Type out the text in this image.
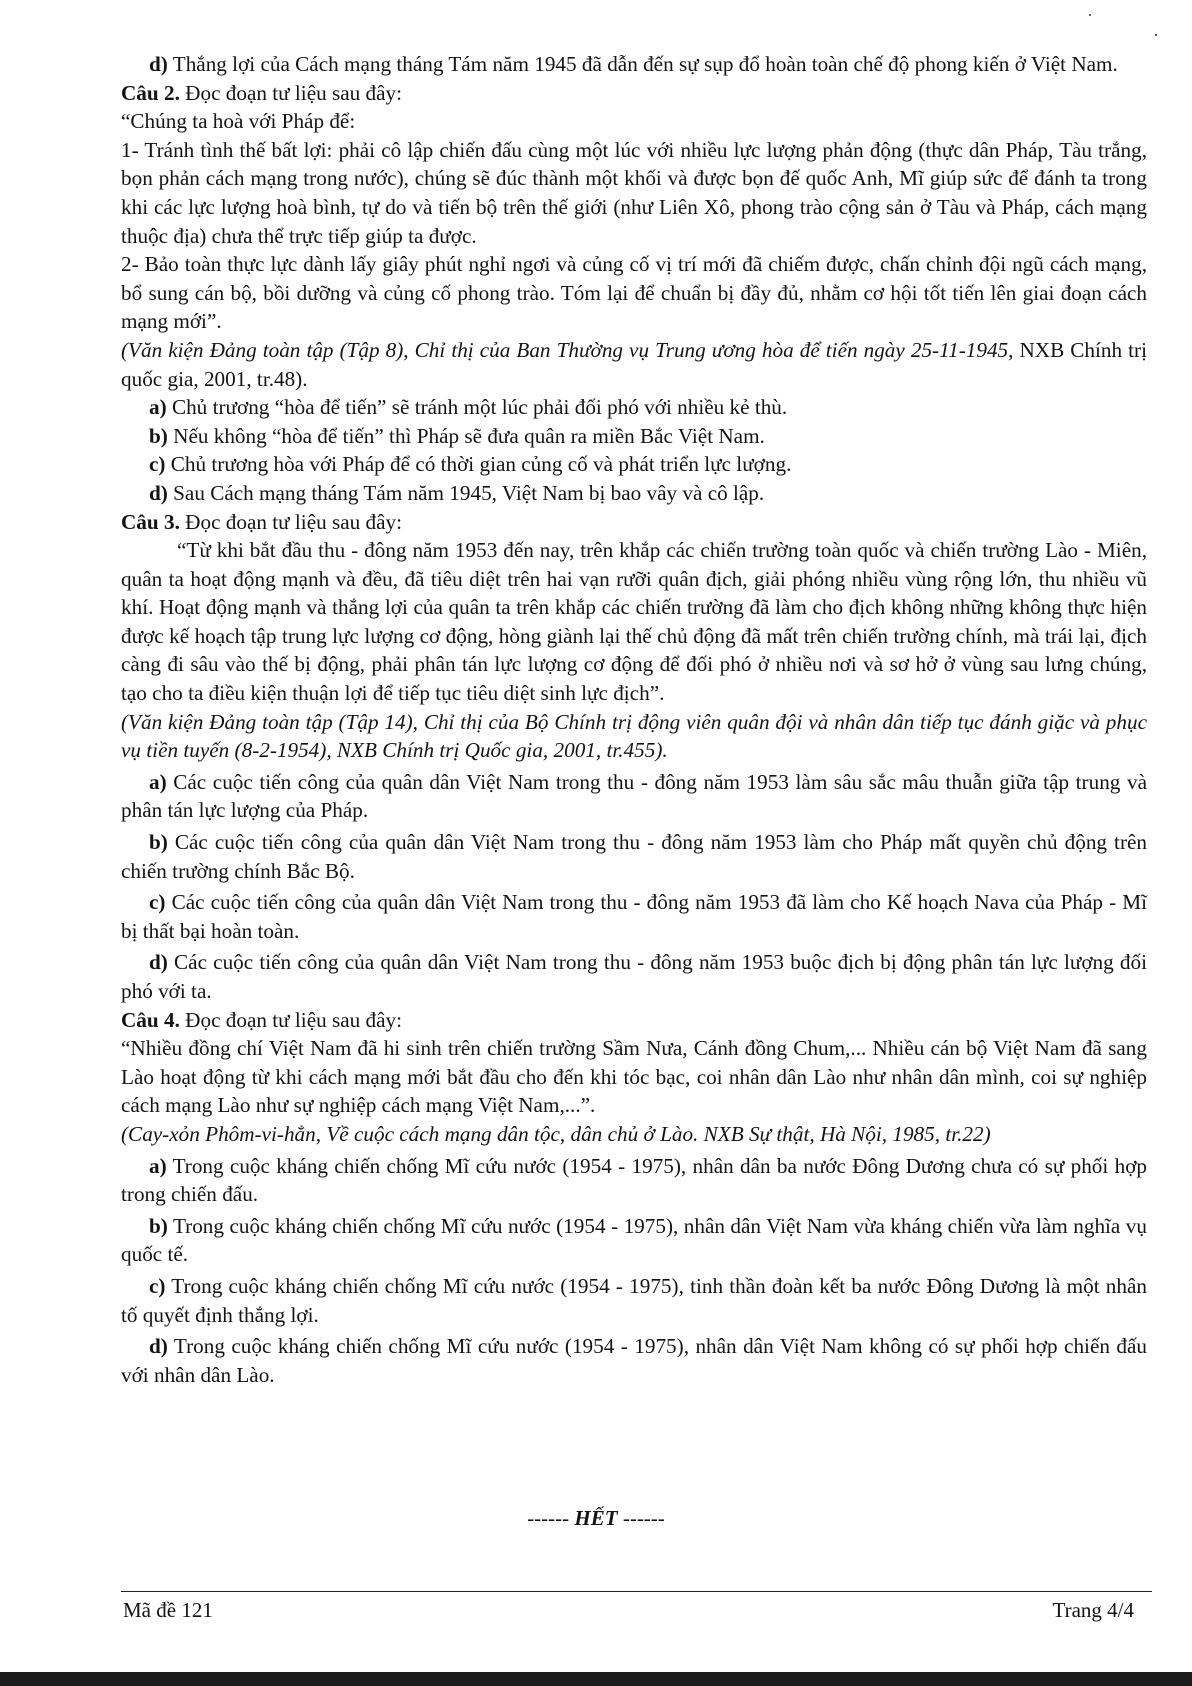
d) Thắng lợi của Cách mạng tháng Tám năm 1945 đã dẫn đến sự sụp đổ hoàn toàn chế độ phong kiến ở Việt Nam.

Câu 2. Đọc đoạn tư liệu sau đây:

“Chúng ta hoà với Pháp để:

1- Tránh tình thế bất lợi: phải cô lập chiến đấu cùng một lúc với nhiều lực lượng phản động (thực dân Pháp, Tàu trắng, bọn phản cách mạng trong nước), chúng sẽ đúc thành một khối và được bọn đế quốc Anh, Mĩ giúp sức để đánh ta trong khi các lực lượng hoà bình, tự do và tiến bộ trên thế giới (như Liên Xô, phong trào cộng sản ở Tàu và Pháp, cách mạng thuộc địa) chưa thể trực tiếp giúp ta được.

2- Bảo toàn thực lực dành lấy giây phút nghỉ ngơi và củng cố vị trí mới đã chiếm được, chấn chỉnh đội ngũ cách mạng, bổ sung cán bộ, bồi dưỡng và củng cố phong trào. Tóm lại để chuẩn bị đầy đủ, nhằm cơ hội tốt tiến lên giai đoạn cách mạng mới”.

(Văn kiện Đảng toàn tập (Tập 8), Chỉ thị của Ban Thường vụ Trung ương hòa để tiến ngày 25-11-1945, NXB Chính trị quốc gia, 2001, tr.48).

a) Chủ trương “hòa để tiến” sẽ tránh một lúc phải đối phó với nhiều kẻ thù.

b) Nếu không “hòa để tiến” thì Pháp sẽ đưa quân ra miền Bắc Việt Nam.

c) Chủ trương hòa với Pháp để có thời gian củng cố và phát triển lực lượng.

d) Sau Cách mạng tháng Tám năm 1945, Việt Nam bị bao vây và cô lập.

Câu 3. Đọc đoạn tư liệu sau đây:

“Từ khi bắt đầu thu - đông năm 1953 đến nay, trên khắp các chiến trường toàn quốc và chiến trường Lào - Miên, quân ta hoạt động mạnh và đều, đã tiêu diệt trên hai vạn rưỡi quân địch, giải phóng nhiều vùng rộng lớn, thu nhiều vũ khí. Hoạt động mạnh và thắng lợi của quân ta trên khắp các chiến trường đã làm cho địch không những không thực hiện được kế hoạch tập trung lực lượng cơ động, hòng giành lại thế chủ động đã mất trên chiến trường chính, mà trái lại, địch càng đi sâu vào thế bị động, phải phân tán lực lượng cơ động để đối phó ở nhiều nơi và sơ hở ở vùng sau lưng chúng, tạo cho ta điều kiện thuận lợi để tiếp tục tiêu diệt sinh lực địch”.

(Văn kiện Đảng toàn tập (Tập 14), Chỉ thị của Bộ Chính trị động viên quân đội và nhân dân tiếp tục đánh giặc và phục vụ tiền tuyến (8-2-1954), NXB Chính trị Quốc gia, 2001, tr.455).

a) Các cuộc tiến công của quân dân Việt Nam trong thu - đông năm 1953 làm sâu sắc mâu thuẫn giữa tập trung và phân tán lực lượng của Pháp.

b) Các cuộc tiến công của quân dân Việt Nam trong thu - đông năm 1953 làm cho Pháp mất quyền chủ động trên chiến trường chính Bắc Bộ.

c) Các cuộc tiến công của quân dân Việt Nam trong thu - đông năm 1953 đã làm cho Kế hoạch Nava của Pháp - Mĩ bị thất bại hoàn toàn.

d) Các cuộc tiến công của quân dân Việt Nam trong thu - đông năm 1953 buộc địch bị động phân tán lực lượng đối phó với ta.

Câu 4. Đọc đoạn tư liệu sau đây:

“Nhiều đồng chí Việt Nam đã hi sinh trên chiến trường Sầm Nưa, Cánh đồng Chum,... Nhiều cán bộ Việt Nam đã sang Lào hoạt động từ khi cách mạng mới bắt đầu cho đến khi tóc bạc, coi nhân dân Lào như nhân dân mình, coi sự nghiệp cách mạng Lào như sự nghiệp cách mạng Việt Nam,...”.

(Cay-xỏn Phôm-vi-hẳn, Về cuộc cách mạng dân tộc, dân chủ ở Lào. NXB Sự thật, Hà Nội, 1985, tr.22)

a) Trong cuộc kháng chiến chống Mĩ cứu nước (1954 - 1975), nhân dân ba nước Đông Dương chưa có sự phối hợp trong chiến đấu.

b) Trong cuộc kháng chiến chống Mĩ cứu nước (1954 - 1975), nhân dân Việt Nam vừa kháng chiến vừa làm nghĩa vụ quốc tế.

c) Trong cuộc kháng chiến chống Mĩ cứu nước (1954 - 1975), tinh thần đoàn kết ba nước Đông Dương là một nhân tố quyết định thắng lợi.

d) Trong cuộc kháng chiến chống Mĩ cứu nước (1954 - 1975), nhân dân Việt Nam không có sự phối hợp chiến đấu với nhân dân Lào.

------ HẾT ------
Mã đề 121	Trang 4/4
